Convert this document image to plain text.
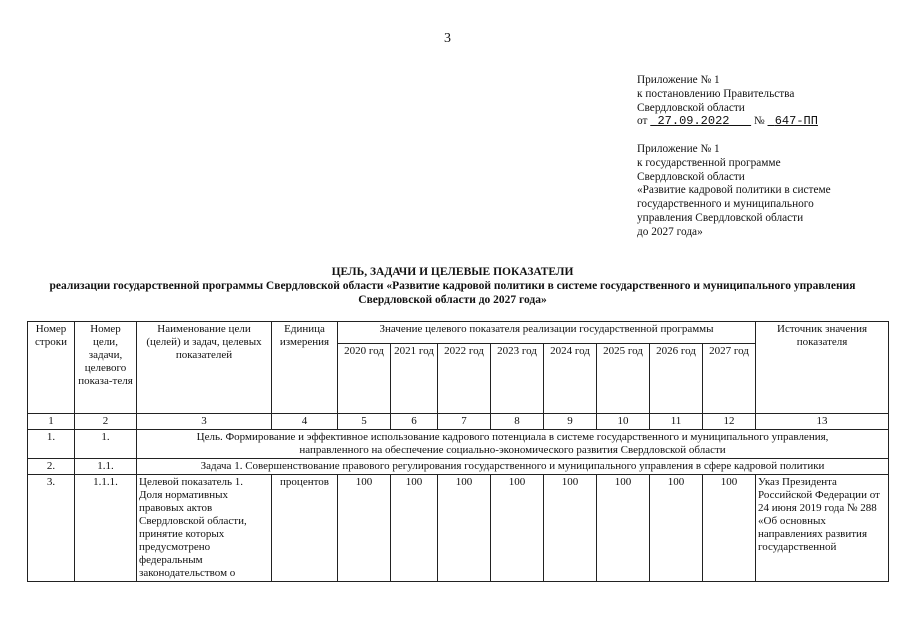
3
Приложение № 1
к постановлению Правительства
Свердловской области
от 27.09.2022 № 647-ПП
Приложение № 1
к государственной программе
Свердловской области
«Развитие кадровой политики в системе
государственного и муниципального
управления Свердловской области
до 2027 года»
ЦЕЛЬ, ЗАДАЧИ И ЦЕЛЕВЫЕ ПОКАЗАТЕЛИ
реализации государственной программы Свердловской области «Развитие кадровой политики в системе государственного и муниципального управления
Свердловской области до 2027 года»
Номер строки	Номер цели, задачи, целевого показа-теля	Наименование цели (целей) и задач, целевых показателей	Единица измерения	Значение целевого показателя реализации государственной программы								Источник значения показателя
				2020 год	2021 год	2022 год	2023 год	2024 год	2025 год	2026 год	2027 год	
1	2	3	4	5	6	7	8	9	10	11	12	13
1.	1.	Цель. Формирование и эффективное использование кадрового потенциала в системе государственного и муниципального управления,
направленного на обеспечение социально-экономического развития Свердловской области										

2.	1.1.	Задача 1. Совершенствование правового регулирования государственного и муниципального управления в сфере кадровой политики										
3.	1.1.1.	Целевой показатель 1. Доля нормативных правовых актов Свердловской области, принятие которых предусмотрено федеральным законодательством о	процентов	100	100	100	100	100	100	100	100	Указ Президента Российской Федерации от 24 июня 2019 года № 288 «Об основных направлениях развития государственной
